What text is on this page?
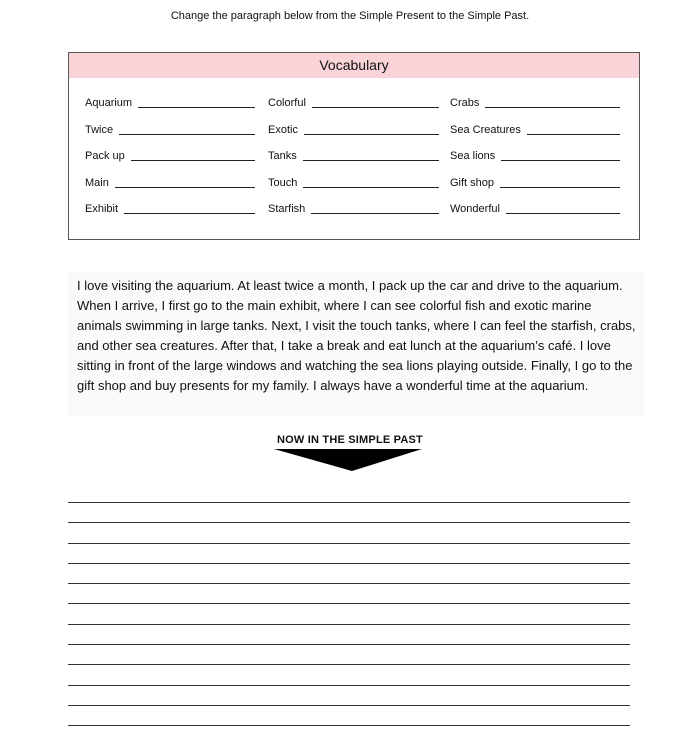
Change the paragraph below from the Simple Present to the Simple Past.
Vocabulary
Aquarium
Twice
Pack up
Main
Exhibit
Colorful
Exotic
Tanks
Touch
Starfish
Crabs
Sea Creatures
Sea lions
Gift shop
Wonderful
I love visiting the aquarium. At least twice a month, I pack up the car and drive to the aquarium. When I arrive, I first go to the main exhibit, where I can see colorful fish and exotic marine animals swimming in large tanks. Next, I visit the touch tanks, where I can feel the starfish, crabs, and other sea creatures. After that, I take a break and eat lunch at the aquarium’s café. I love sitting in front of the large windows and watching the sea lions playing outside. Finally, I go to the gift shop and buy presents for my family. I always have a wonderful time at the aquarium.
NOW IN THE SIMPLE PAST
